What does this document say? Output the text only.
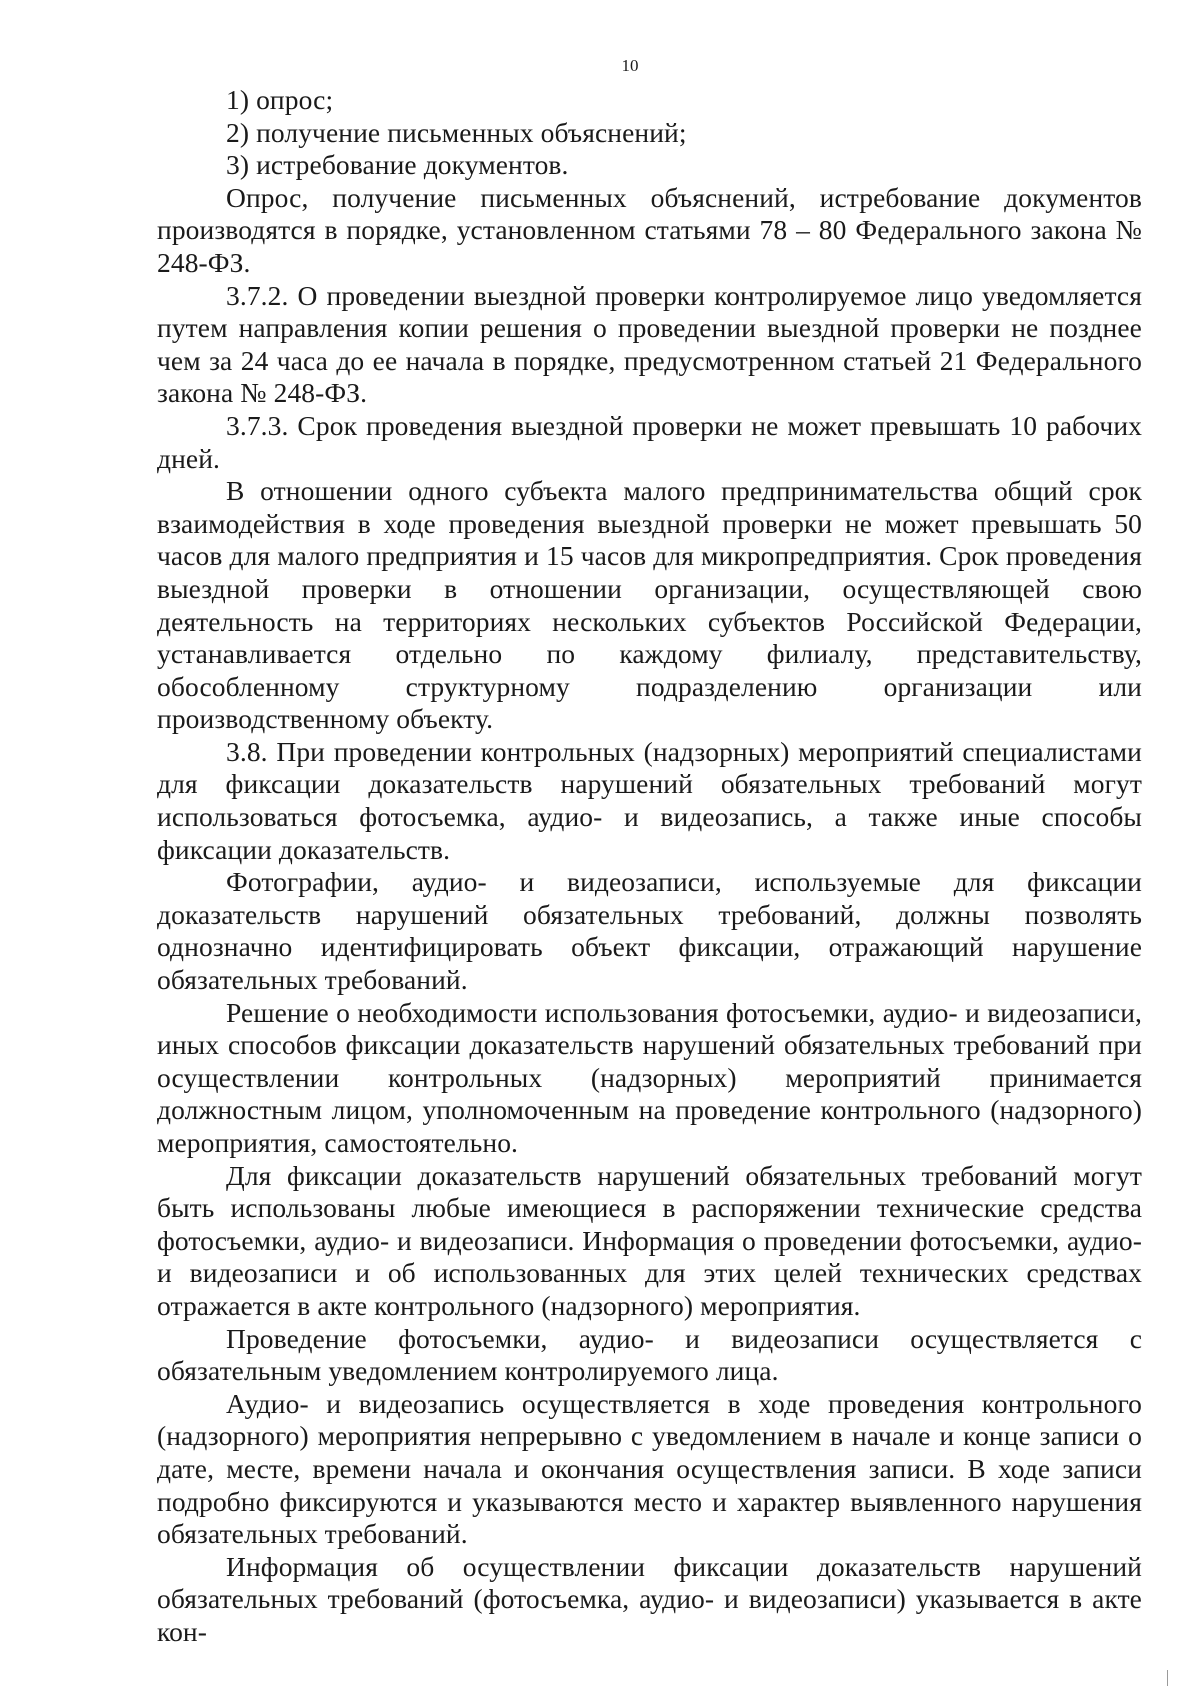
10

1) опрос;

2) получение письменных объяснений;

3) истребование документов.

Опрос, получение письменных объяснений, истребование документов производятся в порядке, установленном статьями 78 – 80 Федерального закона № 248-ФЗ.

3.7.2. О проведении выездной проверки контролируемое лицо уведомляется путем направления копии решения о проведении выездной проверки не позднее чем за 24 часа до ее начала в порядке, предусмотренном статьей 21 Федерального закона № 248-ФЗ.

3.7.3. Срок проведения выездной проверки не может превышать 10 рабочих дней.

В отношении одного субъекта малого предпринимательства общий срок взаимодействия в ходе проведения выездной проверки не может превышать 50 часов для малого предприятия и 15 часов для микропредприятия. Срок проведения выездной проверки в отношении организации, осуществляющей свою деятельность на территориях нескольких субъектов Российской Федерации, устанавливается отдельно по каждому филиалу, представительству, обособленному структурному подразделению организации или производственному объекту.

3.8. При проведении контрольных (надзорных) мероприятий специалистами для фиксации доказательств нарушений обязательных требований могут использоваться фотосъемка, аудио- и видеозапись, а также иные способы фиксации доказательств.

Фотографии, аудио- и видеозаписи, используемые для фиксации доказательств нарушений обязательных требований, должны позволять однозначно идентифицировать объект фиксации, отражающий нарушение обязательных требований.

Решение о необходимости использования фотосъемки, аудио- и видеозаписи, иных способов фиксации доказательств нарушений обязательных требований при осуществлении контрольных (надзорных) мероприятий принимается должностным лицом, уполномоченным на проведение контрольного (надзорного) мероприятия, самостоятельно.

Для фиксации доказательств нарушений обязательных требований могут быть использованы любые имеющиеся в распоряжении технические средства фотосъемки, аудио- и видеозаписи. Информация о проведении фотосъемки, аудио- и видеозаписи и об использованных для этих целей технических средствах отражается в акте контрольного (надзорного) мероприятия.

Проведение фотосъемки, аудио- и видеозаписи осуществляется с обязательным уведомлением контролируемого лица.

Аудио- и видеозапись осуществляется в ходе проведения контрольного (надзорного) мероприятия непрерывно с уведомлением в начале и конце записи о дате, месте, времени начала и окончания осуществления записи. В ходе записи подробно фиксируются и указываются место и характер выявленного нарушения обязательных требований.

Информация об осуществлении фиксации доказательств нарушений обязательных требований (фотосъемка, аудио- и видеозаписи) указывается в акте кон-
